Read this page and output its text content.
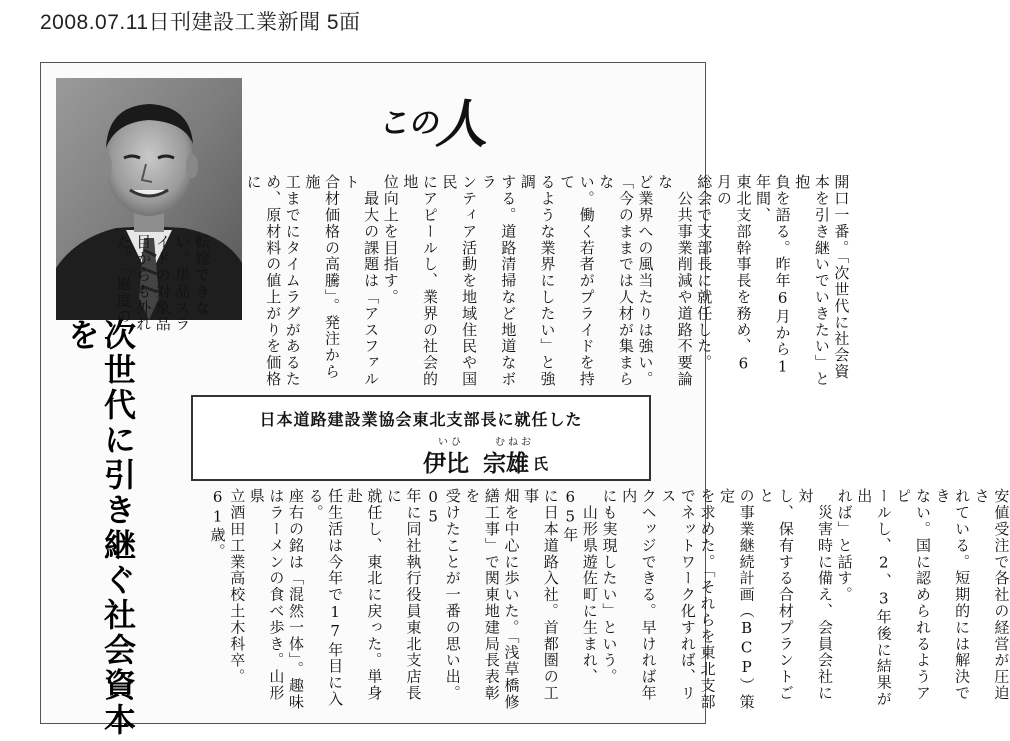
2008.07.11日刊建設工業新聞 5面
この
人
次世代に引き継ぐ社会資本を	開口一番。「次世代に社会資
本を引き継いでいきたい」と抱
負を語る。昨年6月から1年間、
東北支部幹事長を務め、6月の
総会で支部長に就任した。
　公共事業削減や道路不要論な
ど業界への風当たりは強い。
「今のままでは人材が集まらな
い。働く若者がプライドを持て
るような業界にしたい」と強調
する。道路清掃など地道なボラ
ンティア活動を地域住民や国民
にアピールし、業界の社会的地
位向上を目指す。
　最大の課題は「アスファルト
合材価格の高騰」。発注から施
工までにタイムラグがあるた
め、原材料の値上がりを価格に
転嫁できな
い。単品スラ
イドの対象品
目からも外れ
た。「過度の
日本道路建設業協会東北支部長に就任した
いひ	むねお
伊比 宗雄 氏
安値受注で各社の経営が圧迫さ
れている。短期的には解決でき
ない。国に認められるようアピ
ールし、2、3年後に結果が出
れば」と話す。
　災害時に備え、会員会社に対
し、保有する合材プラントごと
の事業継続計画（BCP）策定
を求めた。「それらを東北支部
でネットワーク化すれば、リス
クヘッジできる。早ければ年内
にも実現したい」という。
　山形県遊佐町に生まれ、65年
に日本道路入社。首都圏の工事
畑を中心に歩いた。「浅草橋修
繕工事」で関東地建局長表彰を
受けたことが一番の思い出。05
年に同社執行役員東北支店長に
就任し、東北に戻った。単身赴
任生活は今年で17年目に入る。
座右の銘は「混然一体」。趣味
はラーメンの食べ歩き。山形県
立酒田工業高校土木科卒。61歳。
